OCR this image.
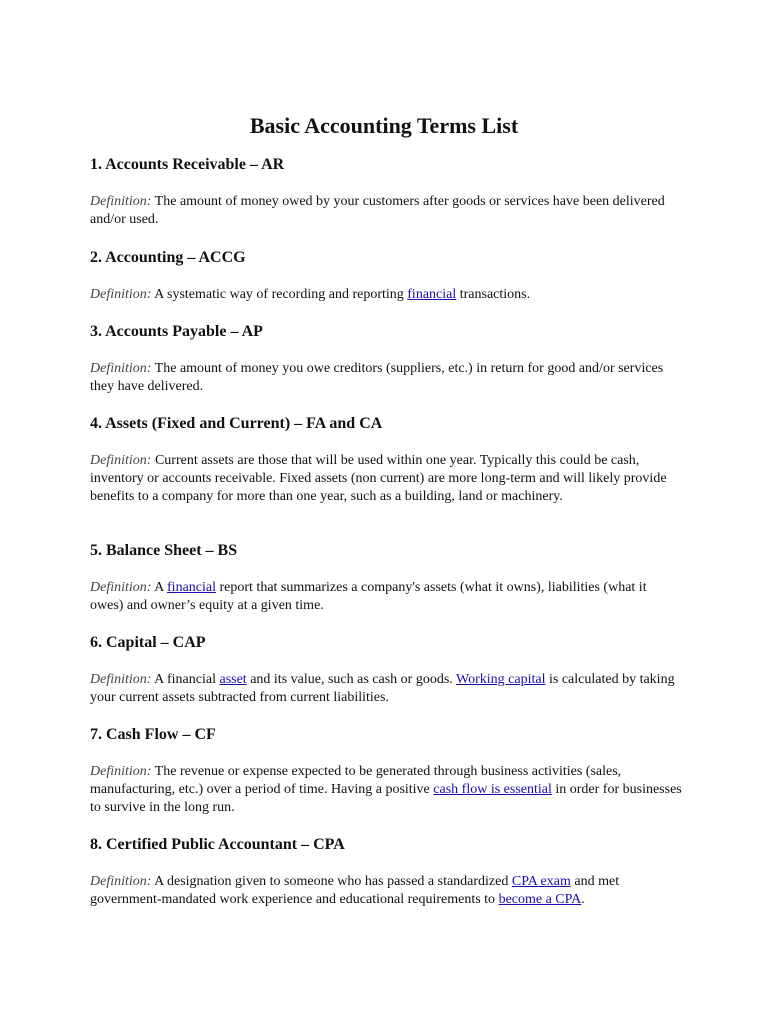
Basic Accounting Terms List
1. Accounts Receivable – AR

Definition: The amount of money owed by your customers after goods or services have been delivered and/or used.

2. Accounting – ACCG

Definition: A systematic way of recording and reporting financial transactions.

3. Accounts Payable – AP

Definition: The amount of money you owe creditors (suppliers, etc.) in return for good and/or services they have delivered.

4. Assets (Fixed and Current) – FA and CA

Definition: Current assets are those that will be used within one year. Typically this could be cash, inventory or accounts receivable. Fixed assets (non current) are more long-term and will likely provide benefits to a company for more than one year, such as a building, land or machinery.

5. Balance Sheet – BS

Definition: A financial report that summarizes a company's assets (what it owns), liabilities (what it owes) and owner’s equity at a given time.

6. Capital – CAP

Definition: A financial asset and its value, such as cash or goods. Working capital is calculated by taking your current assets subtracted from current liabilities.

7. Cash Flow – CF

Definition: The revenue or expense expected to be generated through business activities (sales, manufacturing, etc.) over a period of time. Having a positive cash flow is essential in order for businesses to survive in the long run.

8. Certified Public Accountant – CPA

Definition: A designation given to someone who has passed a standardized CPA exam and met government-mandated work experience and educational requirements to become a CPA.
